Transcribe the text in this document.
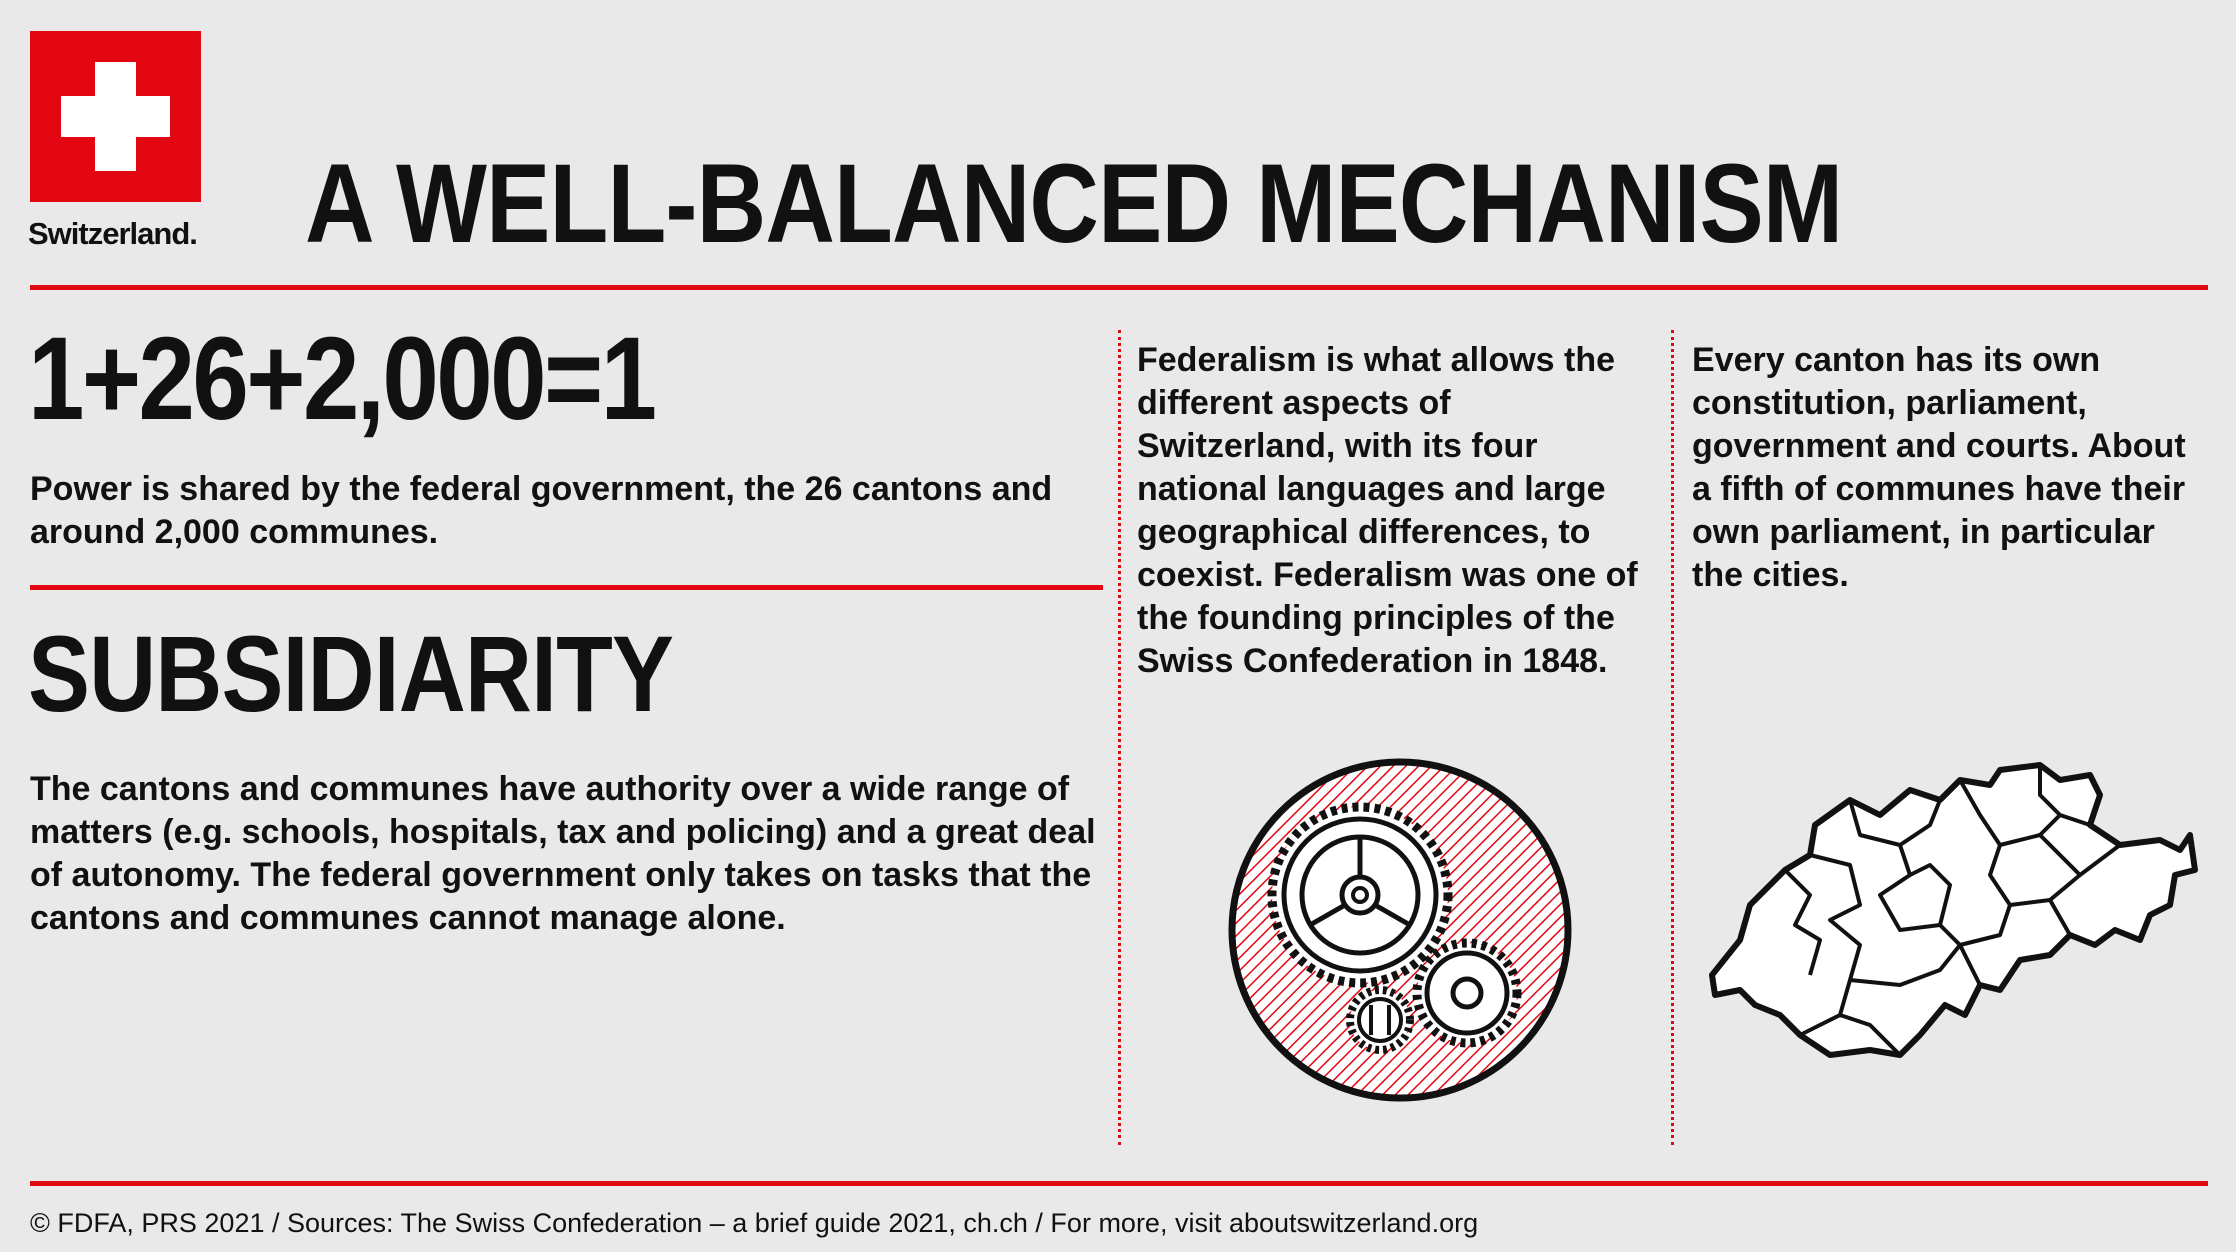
Switzerland. A WELL-BALANCED MECHANISM
1+26+2,000=1
Power is shared by the federal government, the 26 cantons and around 2,000 communes.
SUBSIDIARITY
The cantons and communes have authority over a wide range of matters (e.g. schools, hospitals, tax and policing) and a great deal of autonomy. The federal government only takes on tasks that the cantons and communes cannot manage alone.
Federalism is what allows the different aspects of Switzerland, with its four national languages and large geographical differences, to coexist. Federalism was one of the founding principles of the Swiss Confederation in 1848.
Every canton has its own constitution, parliament, government and courts. About a fifth of communes have their own parliament, in particular the cities.
© FDFA, PRS 2021 / Sources: The Swiss Confederation – a brief guide 2021, ch.ch / For more, visit aboutswitzerland.org
